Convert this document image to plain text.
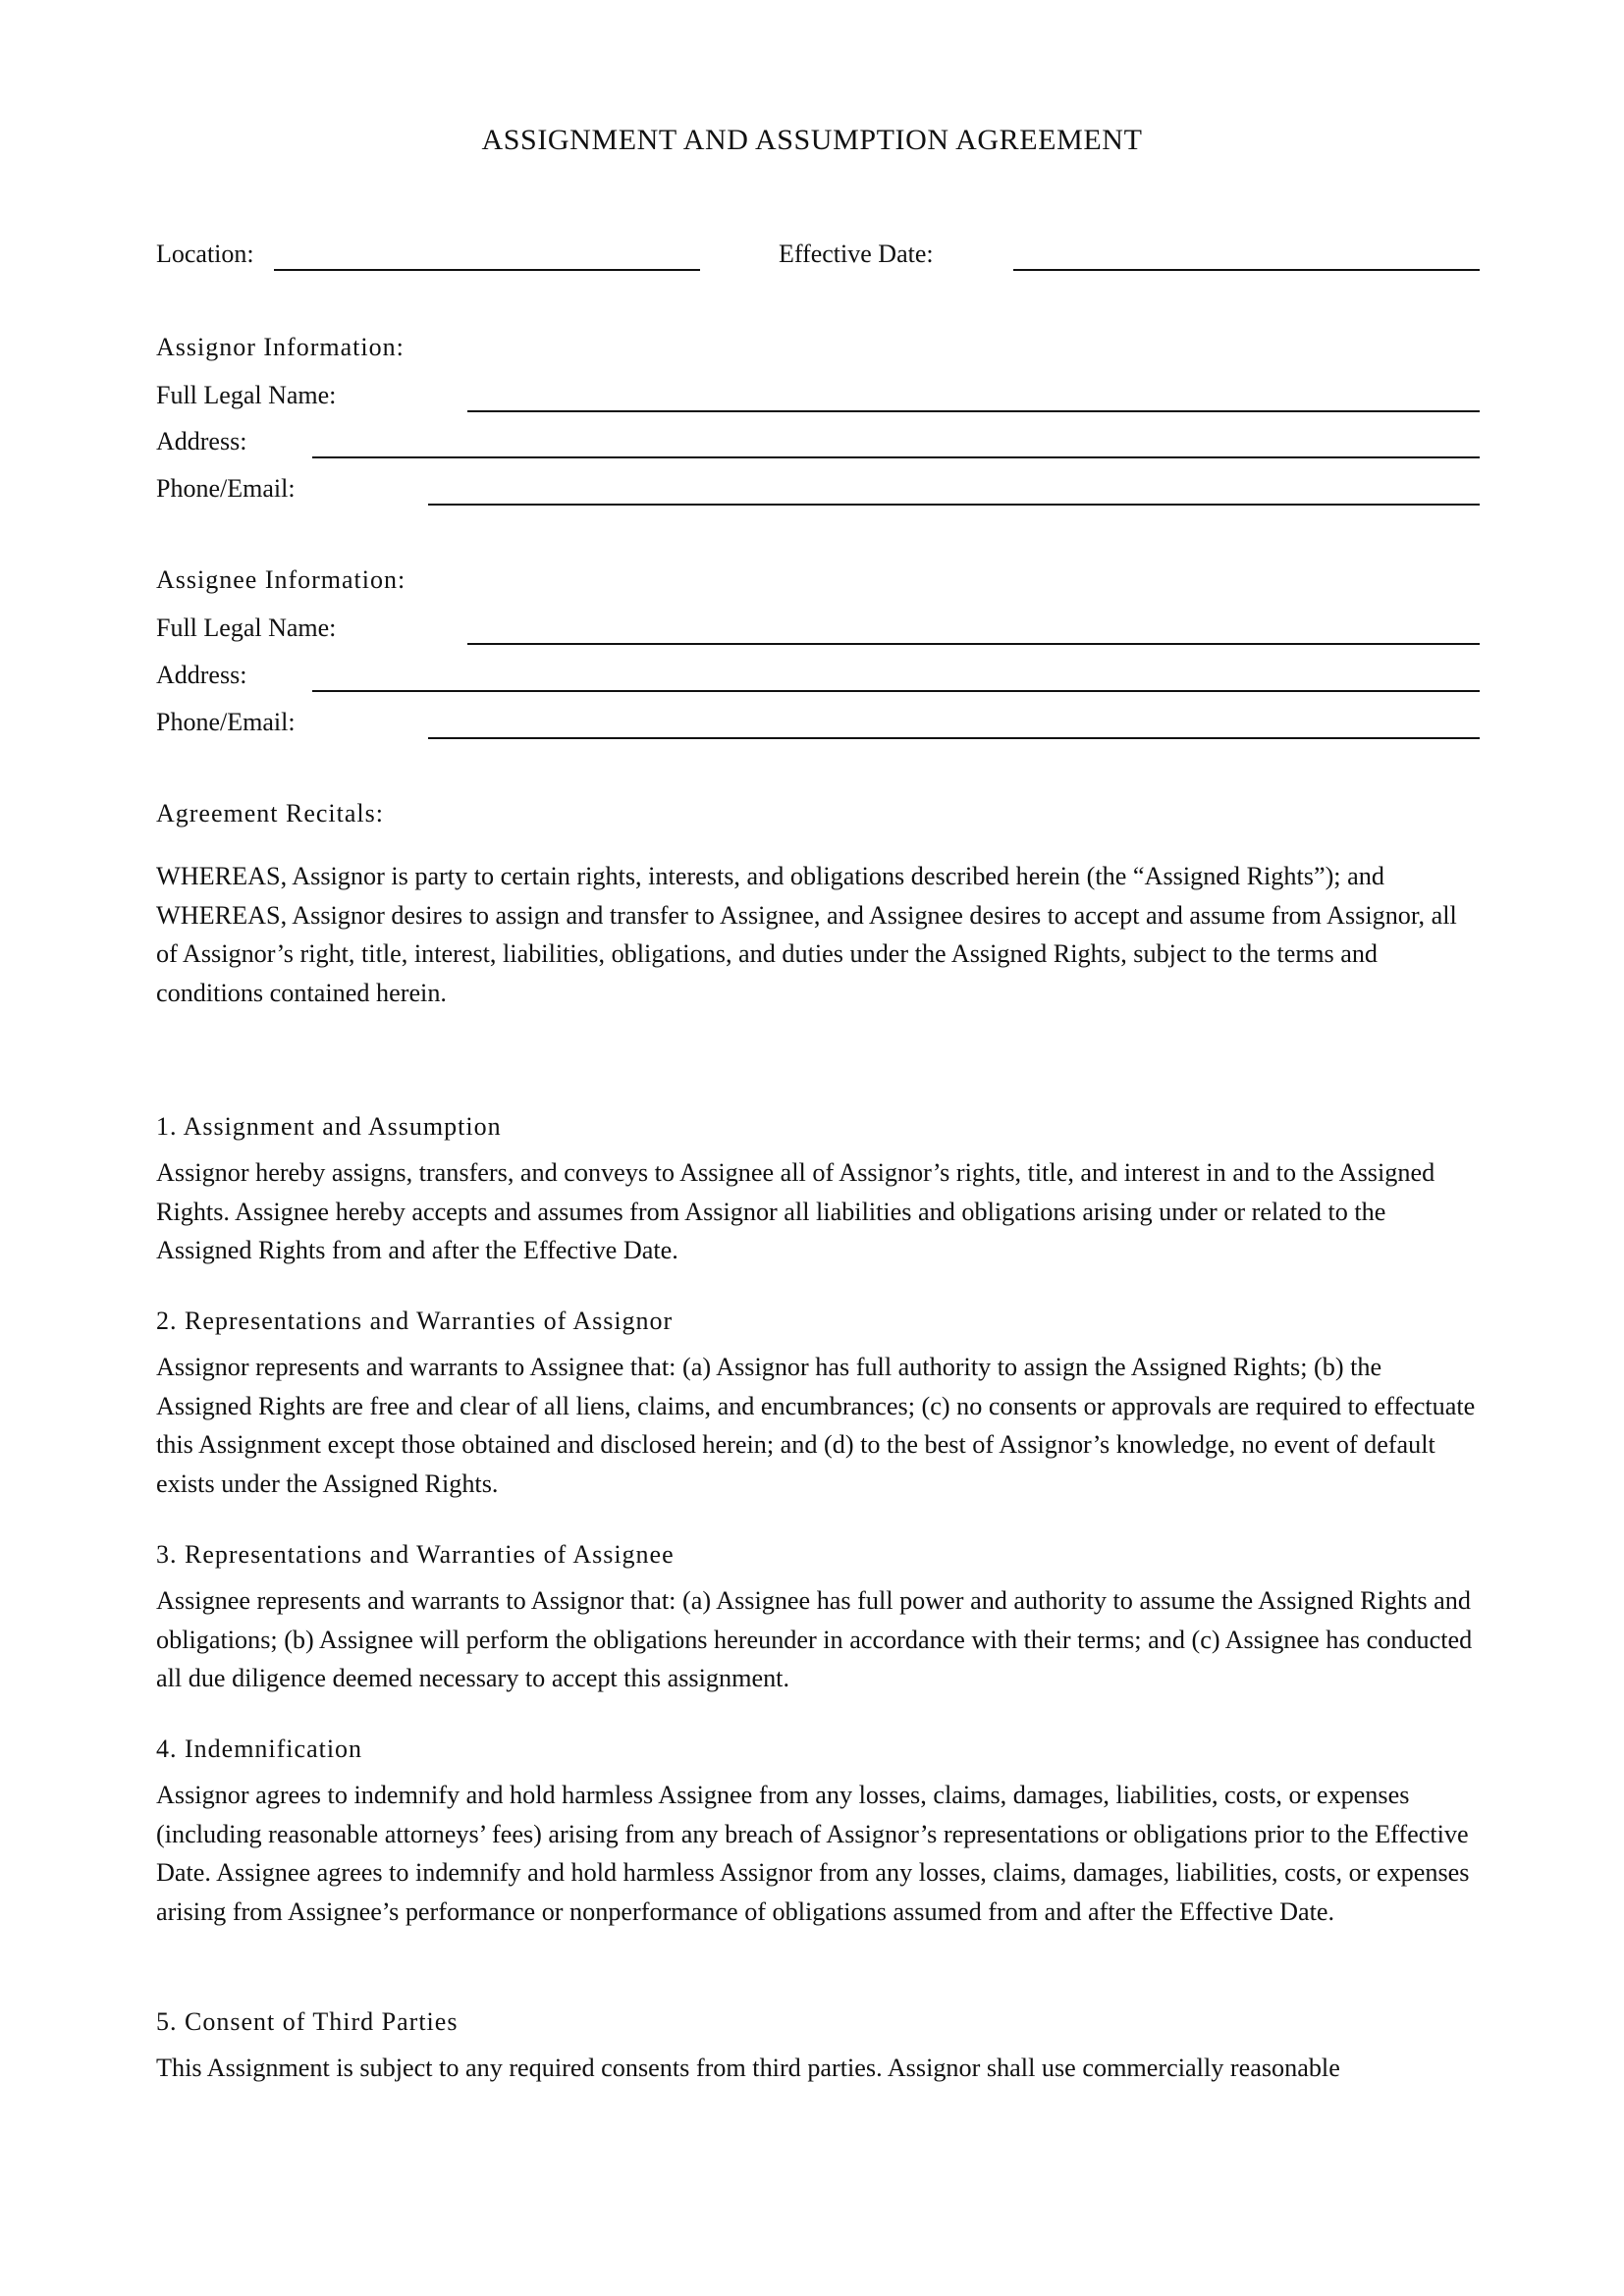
ASSIGNMENT AND ASSUMPTION AGREEMENT
Location:	Effective Date:
Assignor Information:
Full Legal Name:
Address:
Phone/Email:
Assignee Information:
Full Legal Name:
Address:
Phone/Email:
Agreement Recitals:

WHEREAS, Assignor is party to certain rights, interests, and obligations described herein (the “Assigned Rights”); and WHEREAS, Assignor desires to assign and transfer to Assignee, and Assignee desires to accept and assume from Assignor, all of Assignor’s right, title, interest, liabilities, obligations, and duties under the Assigned Rights, subject to the terms and conditions contained herein.

1. Assignment and Assumption

Assignor hereby assigns, transfers, and conveys to Assignee all of Assignor’s rights, title, and interest in and to the Assigned Rights. Assignee hereby accepts and assumes from Assignor all liabilities and obligations arising under or related to the Assigned Rights from and after the Effective Date.

2. Representations and Warranties of Assignor

Assignor represents and warrants to Assignee that: (a) Assignor has full authority to assign the Assigned Rights; (b) the Assigned Rights are free and clear of all liens, claims, and encumbrances; (c) no consents or approvals are required to effectuate this Assignment except those obtained and disclosed herein; and (d) to the best of Assignor’s knowledge, no event of default exists under the Assigned Rights.

3. Representations and Warranties of Assignee

Assignee represents and warrants to Assignor that: (a) Assignee has full power and authority to assume the Assigned Rights and obligations; (b) Assignee will perform the obligations hereunder in accordance with their terms; and (c) Assignee has conducted all due diligence deemed necessary to accept this assignment.

4. Indemnification

Assignor agrees to indemnify and hold harmless Assignee from any losses, claims, damages, liabilities, costs, or expenses (including reasonable attorneys’ fees) arising from any breach of Assignor’s representations or obligations prior to the Effective Date. Assignee agrees to indemnify and hold harmless Assignor from any losses, claims, damages, liabilities, costs, or expenses arising from Assignee’s performance or nonperformance of obligations assumed from and after the Effective Date.

5. Consent of Third Parties

This Assignment is subject to any required consents from third parties. Assignor shall use commercially reasonable
